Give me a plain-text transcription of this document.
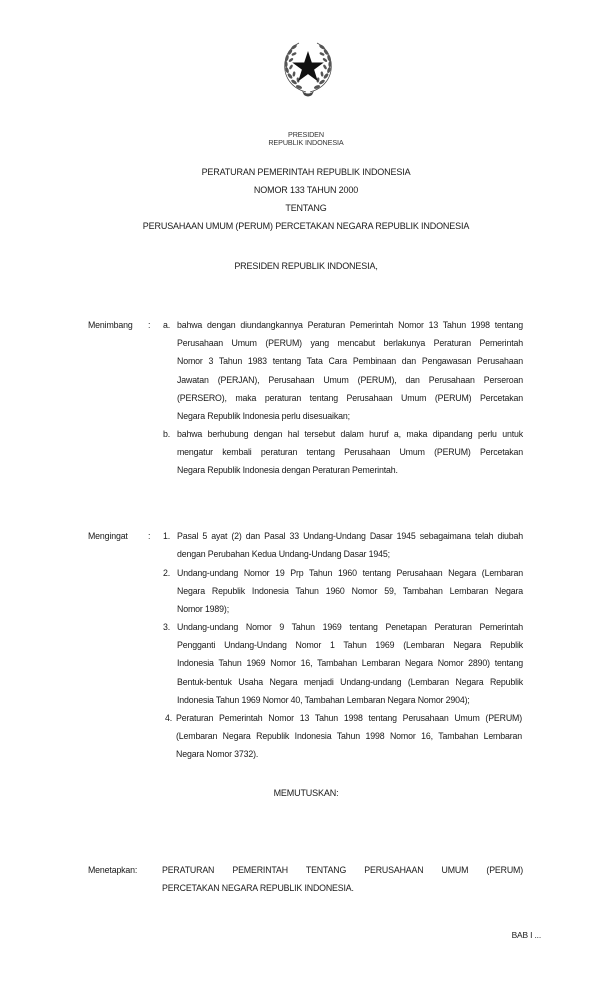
PRESIDEN
REPUBLIK INDONESIA
PERATURAN PEMERINTAH REPUBLIK INDONESIA
NOMOR 133 TAHUN 2000
TENTANG
PERUSAHAAN UMUM (PERUM) PERCETAKAN NEGARA REPUBLIK INDONESIA
PRESIDEN REPUBLIK INDONESIA,
Menimbang : a. bahwa dengan diundangkannya Peraturan Pemerintah Nomor 13 Tahun 1998 tentang
Perusahaan Umum (PERUM) yang mencabut berlakunya Peraturan Pemerintah
Nomor 3 Tahun 1983 tentang Tata Cara Pembinaan dan Pengawasan Perusahaan
Jawatan (PERJAN), Perusahaan Umum (PERUM), dan Perusahaan Perseroan
(PERSERO), maka peraturan tentang Perusahaan Umum (PERUM) Percetakan
Negara Republik Indonesia perlu disesuaikan;
b. bahwa berhubung dengan hal tersebut dalam huruf a, maka dipandang perlu untuk
mengatur kembali peraturan tentang Perusahaan Umum (PERUM) Percetakan
Negara Republik Indonesia dengan Peraturan Pemerintah.
Mengingat : 1. Pasal 5 ayat (2) dan Pasal 33 Undang-Undang Dasar 1945 sebagaimana telah diubah
dengan Perubahan Kedua Undang-Undang Dasar 1945;
2. Undang-undang Nomor 19 Prp Tahun 1960 tentang Perusahaan Negara (Lembaran
Negara Republik Indonesia Tahun 1960 Nomor 59, Tambahan Lembaran Negara
Nomor 1989);
3. Undang-undang Nomor 9 Tahun 1969 tentang Penetapan Peraturan Pemerintah
Pengganti Undang-Undang Nomor 1 Tahun 1969 (Lembaran Negara Republik
Indonesia Tahun 1969 Nomor 16, Tambahan Lembaran Negara Nomor 2890) tentang
Bentuk-bentuk Usaha Negara menjadi Undang-undang (Lembaran Negara Republik
Indonesia Tahun 1969 Nomor 40, Tambahan Lembaran Negara Nomor 2904);
4. Peraturan Pemerintah Nomor 13 Tahun 1998 tentang Perusahaan Umum (PERUM)
(Lembaran Negara Republik Indonesia Tahun 1998 Nomor 16, Tambahan Lembaran
Negara Nomor 3732).
MEMUTUSKAN:
Menetapkan:	PERATURAN PEMERINTAH TENTANG PERUSAHAAN UMUM (PERUM)
PERCETAKAN NEGARA REPUBLIK INDONESIA.
BAB I ...
